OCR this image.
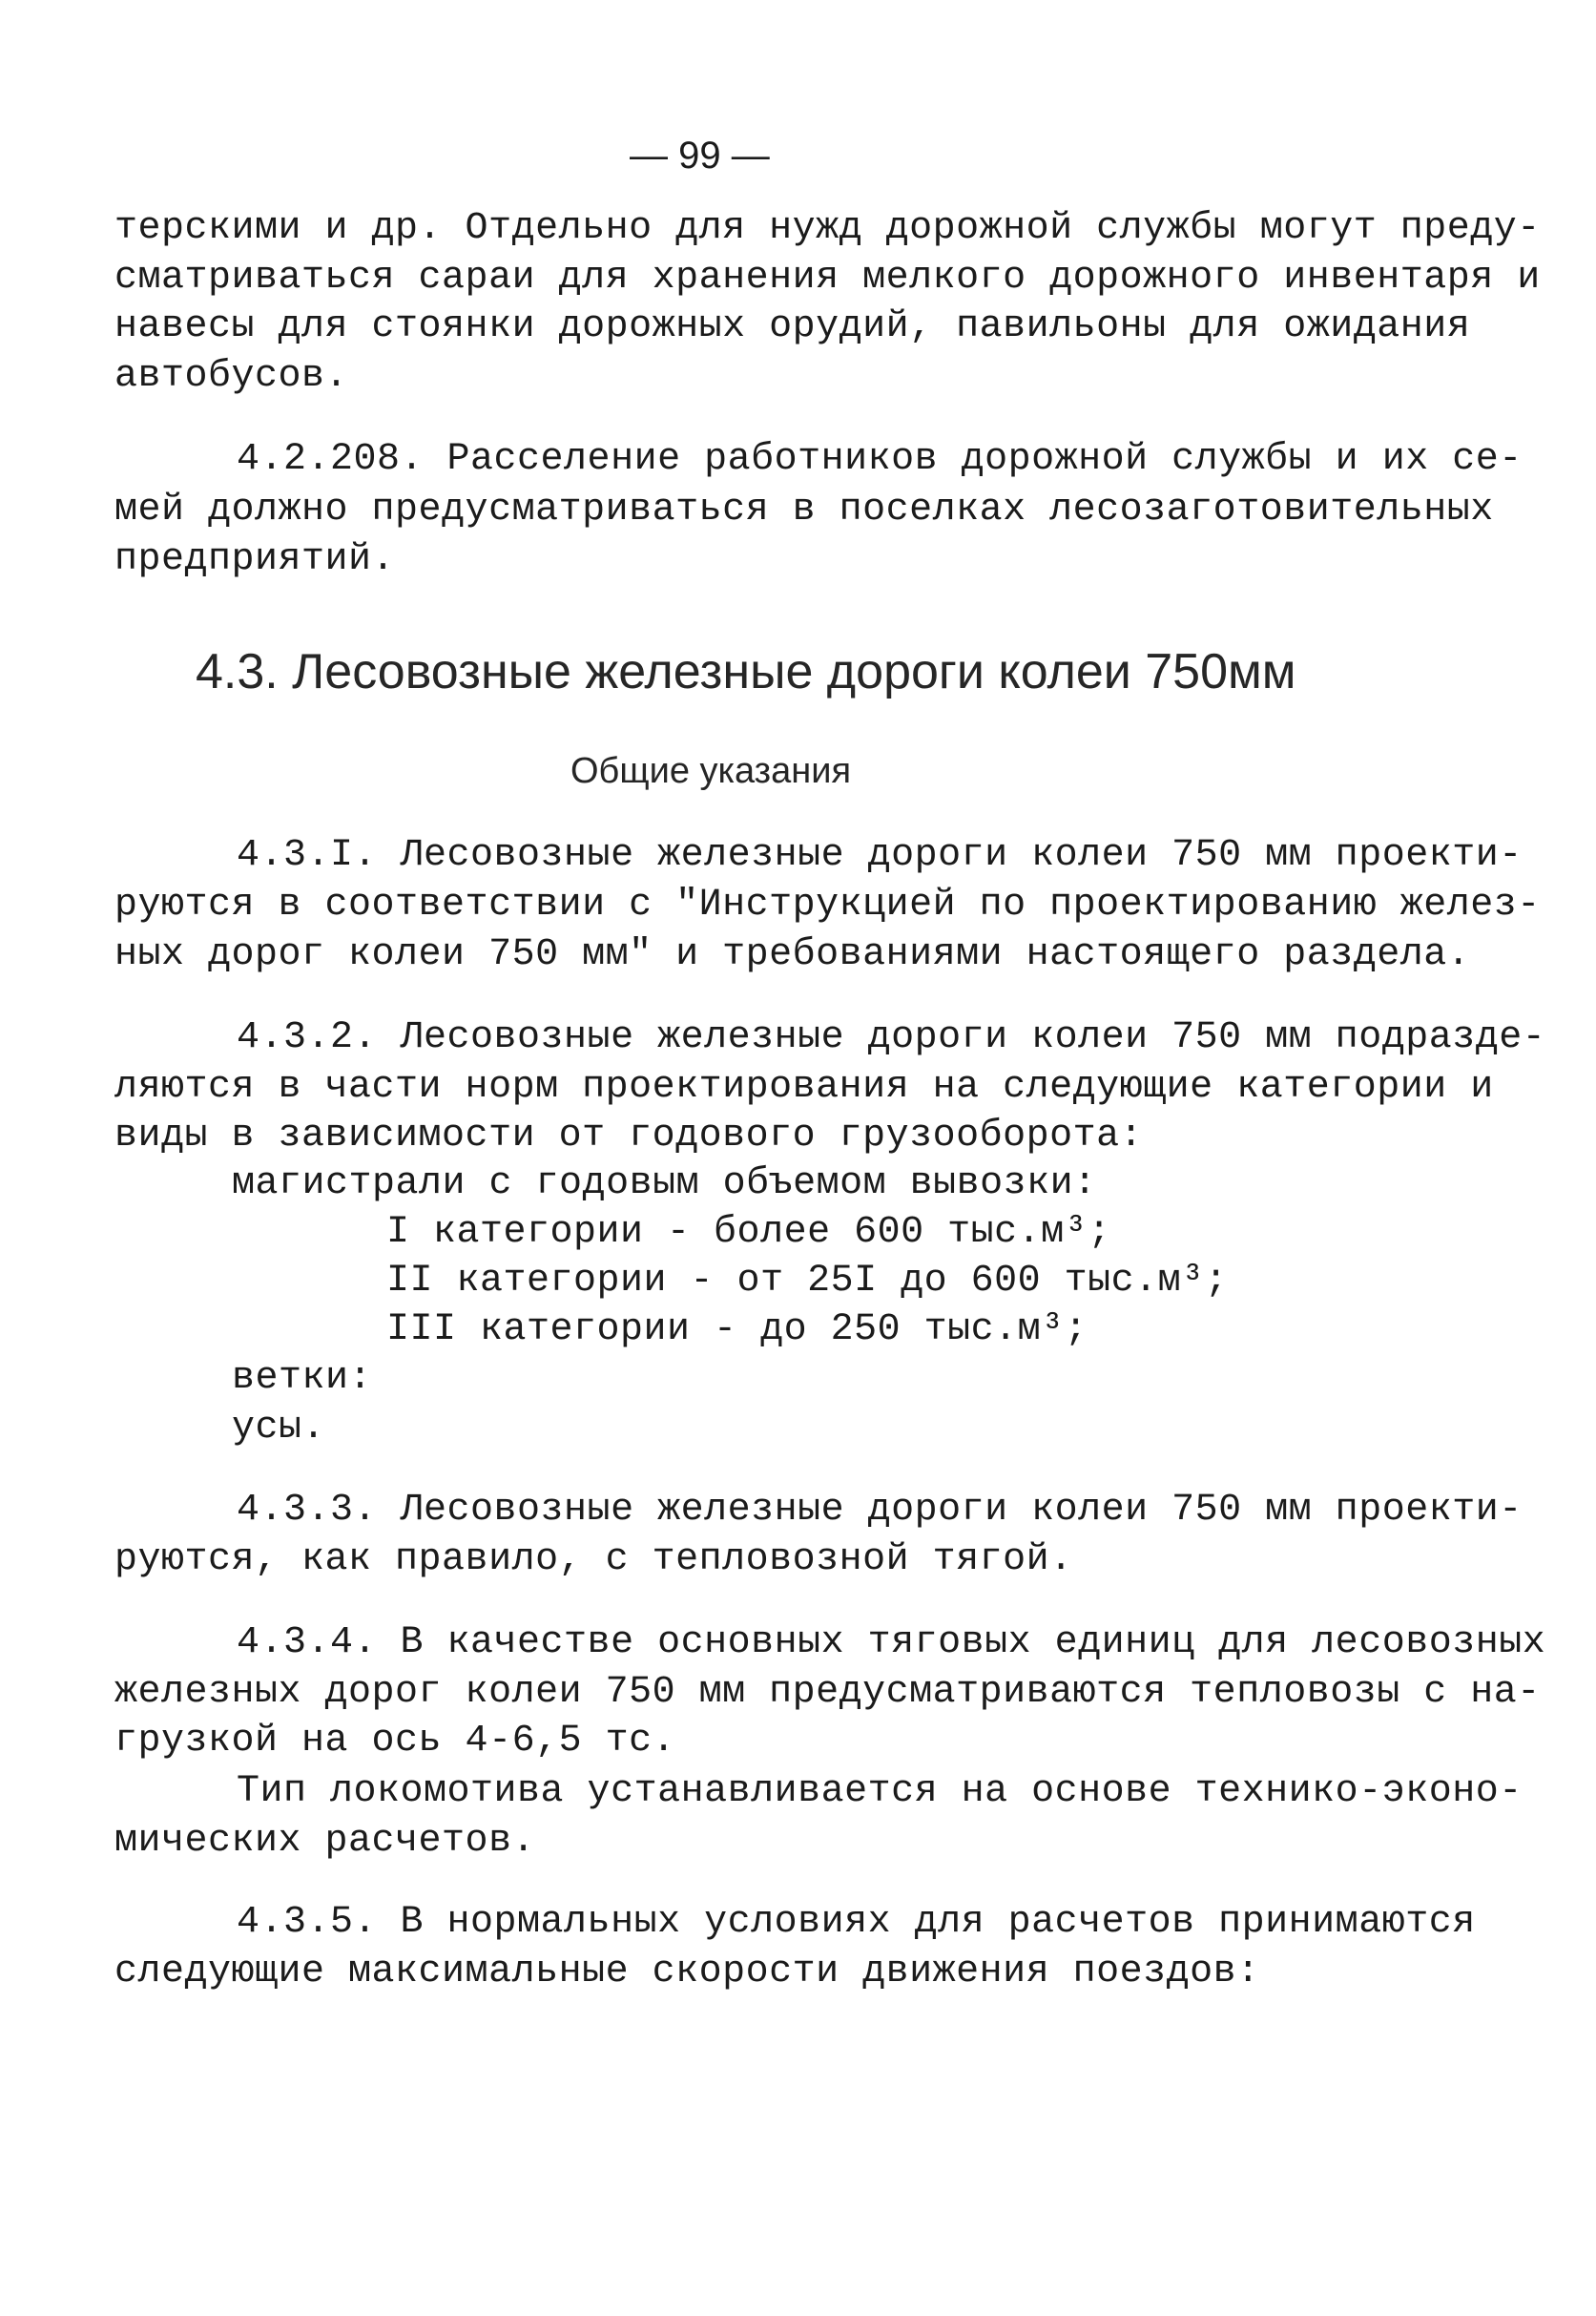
— 99 —
терскими и др. Отдельно для нужд дорожной службы могут преду-
сматриваться сараи для хранения мелкого дорожного инвентаря и
навесы для стоянки дорожных орудий, павильоны для ожидания
автобусов.
4.2.208. Расселение работников дорожной службы и их се-
мей должно предусматриваться в поселках лесозаготовительных
предприятий.
4.3. Лесовозные железные дороги колеи 750мм
Общие указания
4.3.I. Лесовозные железные дороги колеи 750 мм проекти-
руются в соответствии с "Инструкцией по проектированию желез-
ных дорог колеи 750 мм" и требованиями настоящего раздела.
4.3.2. Лесовозные железные дороги колеи 750 мм подразде-
ляются в части норм проектирования на следующие категории и
виды в зависимости от годового грузооборота:
магистрали с годовым объемом вывозки:
I категории - более 600 тыс.м³;
II категории - от 25I до 600 тыс.м³;
III категории - до 250 тыс.м³;
ветки:
усы.
4.3.3. Лесовозные железные дороги колеи 750 мм проекти-
руются, как правило, с тепловозной тягой.
4.3.4. В качестве основных тяговых единиц для лесовозных
железных дорог колеи 750 мм предусматриваются тепловозы с на-
грузкой на ось 4-6,5 тс.
Тип локомотива устанавливается на основе технико-эконо-
мических расчетов.
4.3.5. В нормальных условиях для расчетов принимаются
следующие максимальные скорости движения поездов:
